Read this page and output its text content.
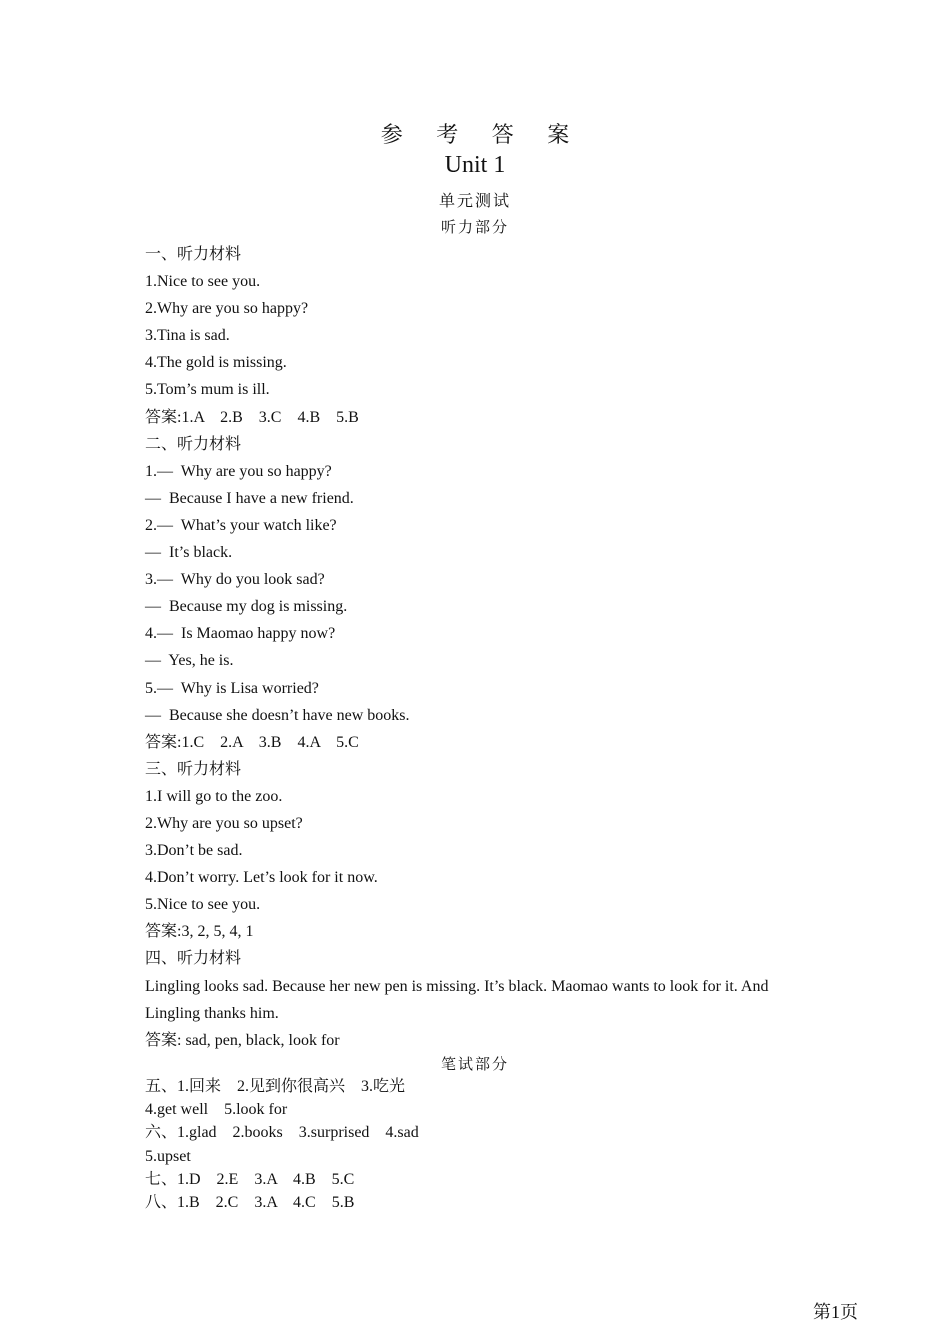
参 考 答 案
Unit 1
单元测试
听力部分
一、听力材料
1.Nice to see you.
2.Why are you so happy?
3.Tina is sad.
4.The gold is missing.
5.Tom’s mum is ill.
答案:1.A    2.B    3.C    4.B    5.B
二、听力材料
1.—  Why are you so happy?
—  Because I have a new friend.
2.—  What’s your watch like?
—  It’s black.
3.—  Why do you look sad?
—  Because my dog is missing.
4.—  Is Maomao happy now?
—  Yes, he is.
5.—  Why is Lisa worried?
—  Because she doesn’t have new books.
答案:1.C    2.A    3.B    4.A    5.C
三、听力材料
1.I will go to the zoo.
2.Why are you so upset?
3.Don’t be sad.
4.Don’t worry. Let’s look for it now.
5.Nice to see you.
答案:3, 2, 5, 4, 1
四、听力材料
Lingling looks sad. Because her new pen is missing. It’s black. Maomao wants to look for it. And
Lingling thanks him.
答案: sad, pen, black, look for
笔试部分
五、1.回来    2.见到你很高兴    3.吃光
4.get well    5.look for
六、1.glad    2.books    3.surprised    4.sad
5.upset
七、1.D    2.E    3.A    4.B    5.C
八、1.B    2.C    3.A    4.C    5.B
第1页
